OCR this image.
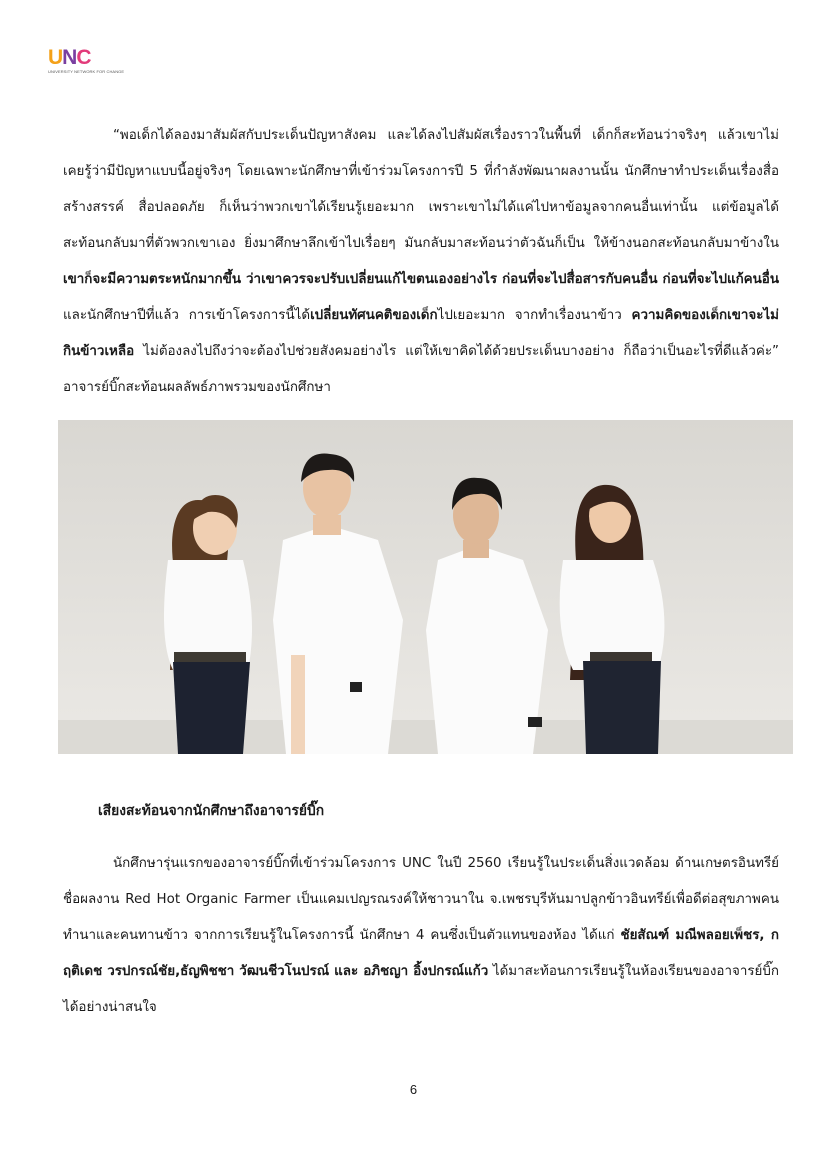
UNC
UNIVERSITY NETWORK FOR CHANGE

“พอเด็กได้ลองมาสัมผัสกับประเด็นปัญหาสังคม และได้ลงไปสัมผัสเรื่องราวในพื้นที่ เด็กก็สะท้อนว่าจริงๆ แล้วเขาไม่เคยรู้ว่ามีปัญหาแบบนี้อยู่จริงๆ โดยเฉพาะนักศึกษาที่เข้าร่วมโครงการปี 5 ที่กำลังพัฒนาผลงานนั้น นักศึกษาทำประเด็นเรื่องสื่อสร้างสรรค์ สื่อปลอดภัย ก็เห็นว่าพวกเขาได้เรียนรู้เยอะมาก เพราะเขาไม่ได้แค่ไปหาข้อมูลจากคนอื่นเท่านั้น แต่ข้อมูลได้สะท้อนกลับมาที่ตัวพวกเขาเอง ยิ่งมาศึกษาลึกเข้าไปเรื่อยๆ มันกลับมาสะท้อนว่าตัวฉันก็เป็น ให้ข้างนอกสะท้อนกลับมาข้างใน เขาก็จะมีความตระหนักมากขึ้น ว่าเขาควรจะปรับเปลี่ยนแก้ไขตนเองอย่างไร ก่อนที่จะไปสื่อสารกับคนอื่น ก่อนที่จะไปแก้คนอื่น และนักศึกษาปีที่แล้ว การเข้าโครงการนี้ได้เปลี่ยนทัศนคติของเด็กไปเยอะมาก จากทำเรื่องนาข้าว ความคิดของเด็กเขาจะไม่กินข้าวเหลือ ไม่ต้องลงไปถึงว่าจะต้องไปช่วยสังคมอย่างไร แต่ให้เขาคิดได้ด้วยประเด็นบางอย่าง ก็ถือว่าเป็นอะไรที่ดีแล้วค่ะ” อาจารย์บิ๊กสะท้อนผลลัพธ์ภาพรวมของนักศึกษา

เสียงสะท้อนจากนักศึกษาถึงอาจารย์บิ๊ก

นักศึกษารุ่นแรกของอาจารย์บิ๊กที่เข้าร่วมโครงการ UNC ในปี 2560 เรียนรู้ในประเด็นสิ่งแวดล้อม ด้านเกษตรอินทรีย์ ชื่อผลงาน Red Hot Organic Farmer เป็นแคมเปญรณรงค์ให้ชาวนาใน จ.เพชรบุรีหันมาปลูกข้าวอินทรีย์เพื่อดีต่อสุขภาพคนทำนาและคนทานข้าว จากการเรียนรู้ในโครงการนี้ นักศึกษา 4 คนซึ่งเป็นตัวแทนของห้อง ได้แก่ ชัยสัณฑ์ มณีพลอยเพ็ชร, กฤติเดช วรปกรณ์ชัย,ธัญพิชชา วัฒนชีวโนปรณ์ และ อภิชญา อิ้งปกรณ์แก้ว ได้มาสะท้อนการเรียนรู้ในห้องเรียนของอาจารย์บิ๊ก ได้อย่างน่าสนใจ

6
